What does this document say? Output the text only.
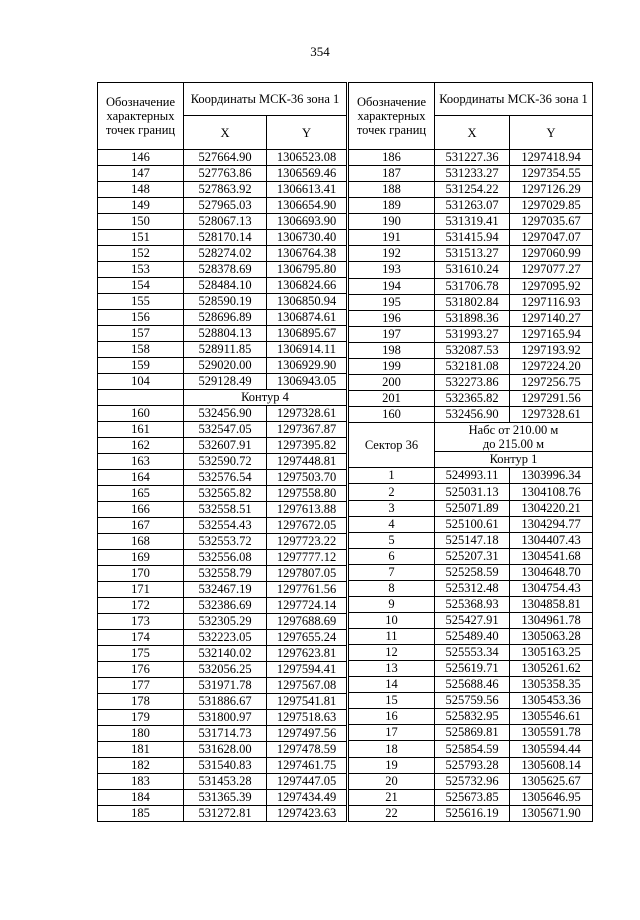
354
Обозначение характерных точек границ	Координаты МСК-36 зона 1	
	X	Y
146	527664.90	1306523.08
147	527763.86	1306569.46
148	527863.92	1306613.41
149	527965.03	1306654.90
150	528067.13	1306693.90
151	528170.14	1306730.40
152	528274.02	1306764.38
153	528378.69	1306795.80
154	528484.10	1306824.66
155	528590.19	1306850.94
156	528696.89	1306874.61
157	528804.13	1306895.67
158	528911.85	1306914.11
159	529020.00	1306929.90
104	529128.49	1306943.05
	Контур 4	
160	532456.90	1297328.61
161	532547.05	1297367.87
162	532607.91	1297395.82
163	532590.72	1297448.81
164	532576.54	1297503.70
165	532565.82	1297558.80
166	532558.51	1297613.88
167	532554.43	1297672.05
168	532553.72	1297723.22
169	532556.08	1297777.12
170	532558.79	1297807.05
171	532467.19	1297761.56
172	532386.69	1297724.14
173	532305.29	1297688.69
174	532223.05	1297655.24
175	532140.02	1297623.81
176	532056.25	1297594.41
177	531971.78	1297567.08
178	531886.67	1297541.81
179	531800.97	1297518.63
180	531714.73	1297497.56
181	531628.00	1297478.59
182	531540.83	1297461.75
183	531453.28	1297447.05
184	531365.39	1297434.49
185	531272.81	1297423.63
Обозначение характерных точек границ	Координаты МСК-36 зона 1	
	X	Y
186	531227.36	1297418.94
187	531233.27	1297354.55
188	531254.22	1297126.29
189	531263.07	1297029.85
190	531319.41	1297035.67
191	531415.94	1297047.07
192	531513.27	1297060.99
193	531610.24	1297077.27
194	531706.78	1297095.92
195	531802.84	1297116.93
196	531898.36	1297140.27
197	531993.27	1297165.94
198	532087.53	1297193.92
199	532181.08	1297224.20
200	532273.86	1297256.75
201	532365.82	1297291.56
160	532456.90	1297328.61
Сектор 36	Набс от 210.00 м
до 215.00 м	

	Контур 1	
1	524993.11	1303996.34
2	525031.13	1304108.76
3	525071.89	1304220.21
4	525100.61	1304294.77
5	525147.18	1304407.43
6	525207.31	1304541.68
7	525258.59	1304648.70
8	525312.48	1304754.43
9	525368.93	1304858.81
10	525427.91	1304961.78
11	525489.40	1305063.28
12	525553.34	1305163.25
13	525619.71	1305261.62
14	525688.46	1305358.35
15	525759.56	1305453.36
16	525832.95	1305546.61
17	525869.81	1305591.78
18	525854.59	1305594.44
19	525793.28	1305608.14
20	525732.96	1305625.67
21	525673.85	1305646.95
22	525616.19	1305671.90
